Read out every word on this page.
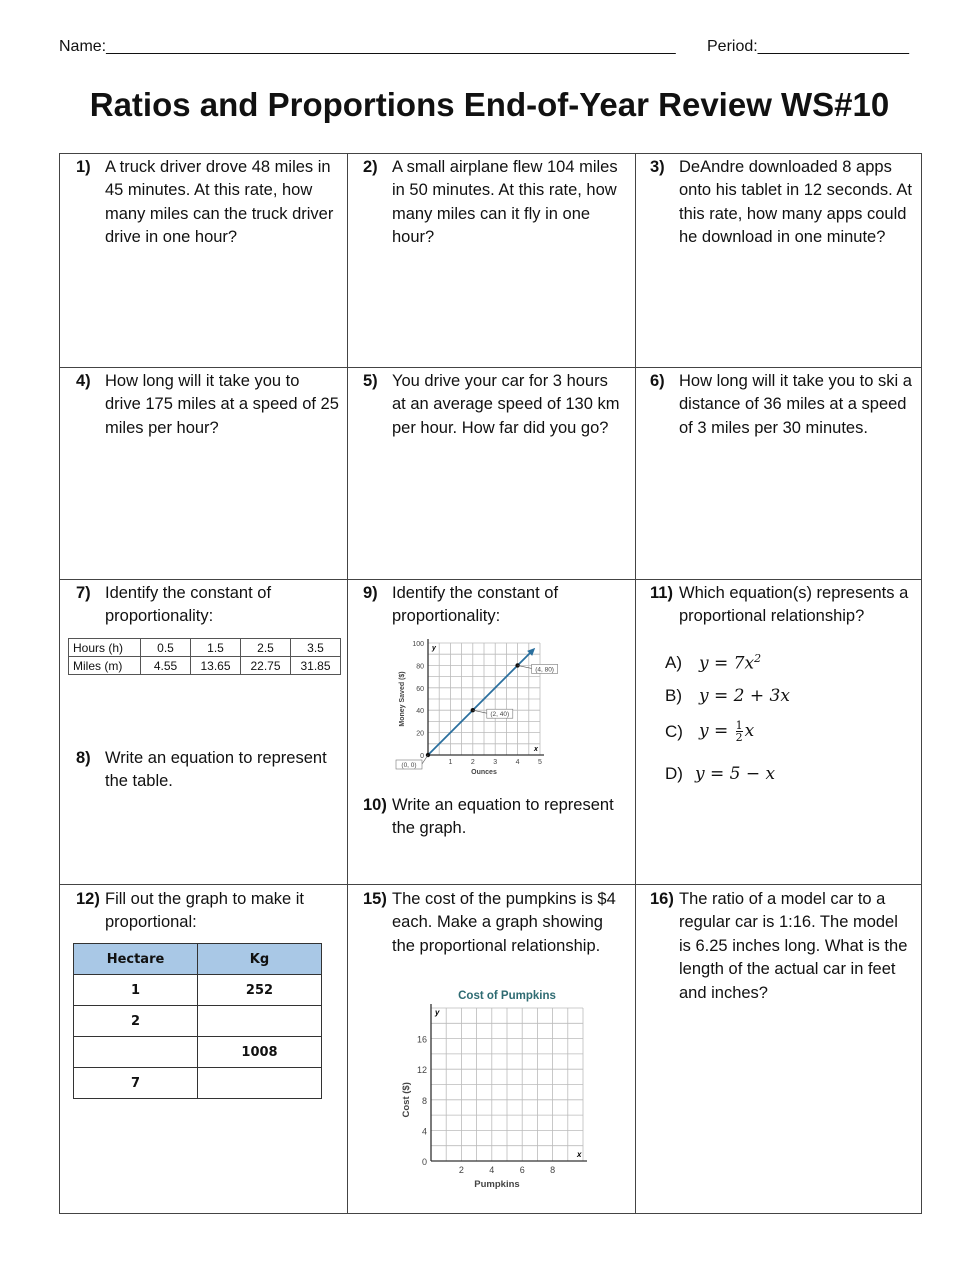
Name:________________________________________________________________ Period:_________________
Ratios and Proportions End-of-Year Review WS#10
1) A truck driver drove 48 miles in 45 minutes. At this rate, how many miles can the truck driver drive in one hour?
2) A small airplane flew 104 miles in 50 minutes. At this rate, how many miles can it fly in one hour?
3) DeAndre downloaded 8 apps onto his tablet in 12 seconds. At this rate, how many apps could he download in one minute?
4) How long will it take you to drive 175 miles at a speed of 25 miles per hour?
5) You drive your car for 3 hours at an average speed of 130 km per hour. How far did you go?
6) How long will it take you to ski a distance of 36 miles at a speed of 3 miles per 30 minutes.
7) Identify the constant of proportionality:
8) Write an equation to represent the table.
9) Identify the constant of proportionality:
10) Write an equation to represent the graph.
11) Which equation(s) represents a proportional relationship?
12) Fill out the graph to make it proportional:
15) The cost of the pumpkins is $4 each. Make a graph showing the proportional relationship.
16) The ratio of a model car to a regular car is 1:16. The model is 6.25 inches long. What is the length of the actual car in feet and inches?
Hours (h)	0.5	1.5	2.5	3.5
Miles (m)	4.55	13.65	22.75	31.85
Hectare	Kg
1	252
2	
	1008
7	
A)	$y = 7x^2$
B)	y = 2 + 3x
C) $y = \frac{1}{2}$ x
D) y = 5 − x
x
y
0
20
40
60
80
100
1	2	3	4	5
Ounces
Money Saved ($)
(0, 0)
(2, 40)
(4, 80)
Cost of Pumpkins
x
y
0
4
8
12
16
2	4	6	8
Pumpkins
Cost ($)
